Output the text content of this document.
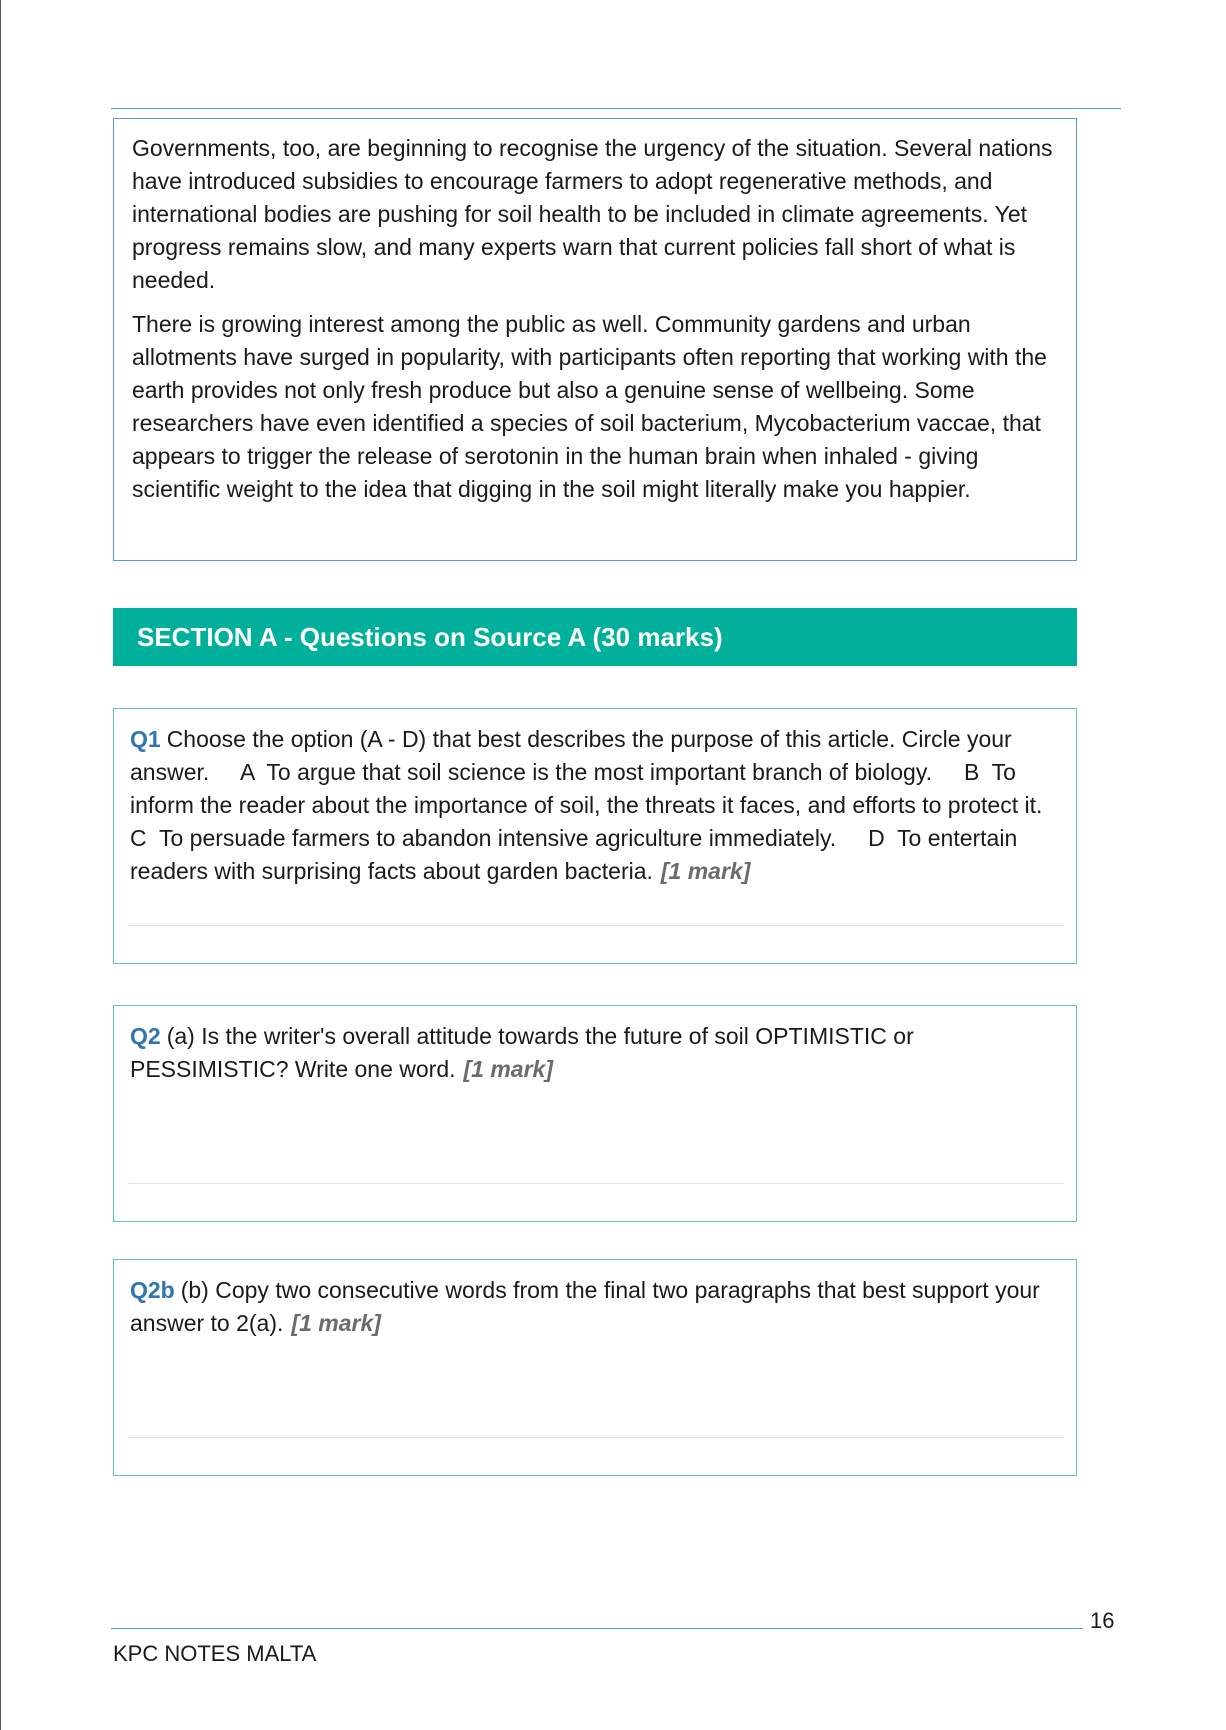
Governments, too, are beginning to recognise the urgency of the situation. Several nations have introduced subsidies to encourage farmers to adopt regenerative methods, and international bodies are pushing for soil health to be included in climate agreements. Yet progress remains slow, and many experts warn that current policies fall short of what is needed.

There is growing interest among the public as well. Community gardens and urban allotments have surged in popularity, with participants often reporting that working with the earth provides not only fresh produce but also a genuine sense of wellbeing. Some researchers have even identified a species of soil bacterium, Mycobacterium vaccae, that appears to trigger the release of serotonin in the human brain when inhaled - giving scientific weight to the idea that digging in the soil might literally make you happier.

SECTION A - Questions on Source A (30 marks)

Q1 Choose the option (A - D) that best describes the purpose of this article. Circle your answer.     A  To argue that soil science is the most important branch of biology.     B  To inform the reader about the importance of soil, the threats it faces, and efforts to protect it.     C  To persuade farmers to abandon intensive agriculture immediately.     D  To entertain readers with surprising facts about garden bacteria. [1 mark]

Q2 (a) Is the writer's overall attitude towards the future of soil OPTIMISTIC or PESSIMISTIC? Write one word. [1 mark]

Q2b (b) Copy two consecutive words from the final two paragraphs that best support your answer to 2(a). [1 mark]

KPC NOTES MALTA
16
